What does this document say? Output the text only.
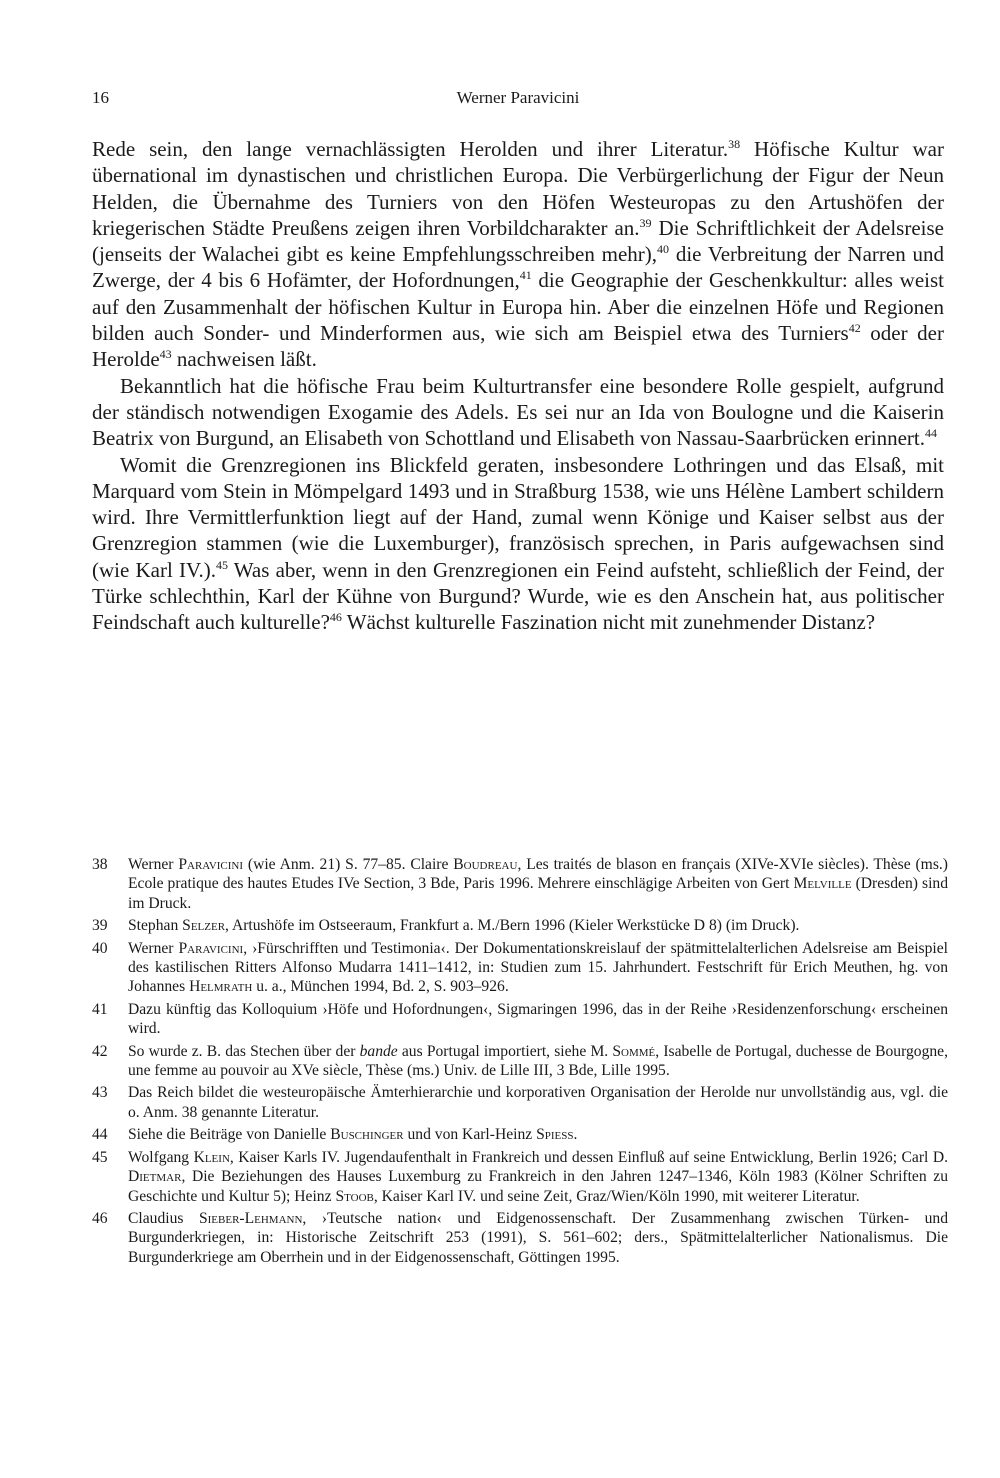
16	Werner Paravicini

Rede sein, den lange vernachlässigten Herolden und ihrer Literatur.$^{38}$ Höfische Kultur war übernational im dynastischen und christlichen Europa. Die Verbürgerlichung der Figur der Neun Helden, die Übernahme des Turniers von den Höfen Westeuropas zu den Artushöfen der kriegerischen Städte Preußens zeigen ihren Vorbildcharakter an.$^{39}$ Die Schriftlichkeit der Adelsreise (jenseits der Walachei gibt es keine Empfehlungsschreiben mehr),$^{40}$ die Verbreitung der Narren und Zwerge, der 4 bis 6 Hofämter, der Hofordnungen,$^{41}$ die Geographie der Geschenkkultur: alles weist auf den Zusammenhalt der höfischen Kultur in Europa hin. Aber die einzelnen Höfe und Regionen bilden auch Sonder- und Minderformen aus, wie sich am Beispiel etwa des Turniers$^{42}$ oder der Herolde$^{43}$ nachweisen läßt.

Bekanntlich hat die höfische Frau beim Kulturtransfer eine besondere Rolle gespielt, aufgrund der ständisch notwendigen Exogamie des Adels. Es sei nur an Ida von Boulogne und die Kaiserin Beatrix von Burgund, an Elisabeth von Schottland und Elisabeth von Nassau-Saarbrücken erinnert.$^{44}$

Womit die Grenzregionen ins Blickfeld geraten, insbesondere Lothringen und das Elsaß, mit Marquard vom Stein in Mömpelgard 1493 und in Straßburg 1538, wie uns Hélène Lambert schildern wird. Ihre Vermittlerfunktion liegt auf der Hand, zumal wenn Könige und Kaiser selbst aus der Grenzregion stammen (wie die Luxemburger), französisch sprechen, in Paris aufgewachsen sind (wie Karl IV.).$^{45}$ Was aber, wenn in den Grenzregionen ein Feind aufsteht, schließlich der Feind, der Türke schlechthin, Karl der Kühne von Burgund? Wurde, wie es den Anschein hat, aus politischer Feindschaft auch kulturelle?$^{46}$ Wächst kulturelle Faszination nicht mit zunehmender Distanz?

38	Werner Paravicini (wie Anm. 21) S. 77–85. Claire Boudreau, Les traités de blason en français (XIVe-XVIe siècles). Thèse (ms.) Ecole pratique des hautes Etudes IVe Section, 3 Bde, Paris 1996. Mehrere einschlägige Arbeiten von Gert Melville (Dresden) sind im Druck.
39	Stephan Selzer, Artushöfe im Ostseeraum, Frankfurt a. M./Bern 1996 (Kieler Werkstücke D 8) (im Druck).
40	Werner Paravicini, ›Fürschrifften und Testimonia‹. Der Dokumentationskreislauf der spätmittelalterlichen Adelsreise am Beispiel des kastilischen Ritters Alfonso Mudarra 1411–1412, in: Studien zum 15. Jahrhundert. Festschrift für Erich Meuthen, hg. von Johannes Helmrath u. a., München 1994, Bd. 2, S. 903–926.
41	Dazu künftig das Kolloquium ›Höfe und Hofordnungen‹, Sigmaringen 1996, das in der Reihe ›Residenzenforschung‹ erscheinen wird.
42	So wurde z. B. das Stechen über der bande aus Portugal importiert, siehe M. Sommé, Isabelle de Portugal, duchesse de Bourgogne, une femme au pouvoir au XVe siècle, Thèse (ms.) Univ. de Lille III, 3 Bde, Lille 1995.
43	Das Reich bildet die westeuropäische Ämterhierarchie und korporativen Organisation der Herolde nur unvollständig aus, vgl. die o. Anm. 38 genannte Literatur.
44	Siehe die Beiträge von Danielle Buschinger und von Karl-Heinz Spiess.
45	Wolfgang Klein, Kaiser Karls IV. Jugendaufenthalt in Frankreich und dessen Einfluß auf seine Entwicklung, Berlin 1926; Carl D. Dietmar, Die Beziehungen des Hauses Luxemburg zu Frankreich in den Jahren 1247–1346, Köln 1983 (Kölner Schriften zu Geschichte und Kultur 5); Heinz Stoob, Kaiser Karl IV. und seine Zeit, Graz/Wien/Köln 1990, mit weiterer Literatur.
46	Claudius Sieber-Lehmann, ›Teutsche nation‹ und Eidgenossenschaft. Der Zusammenhang zwischen Türken- und Burgunderkriegen, in: Historische Zeitschrift 253 (1991), S. 561–602; ders., Spätmittelalterlicher Nationalismus. Die Burgunderkriege am Oberrhein und in der Eidgenossenschaft, Göttingen 1995.
